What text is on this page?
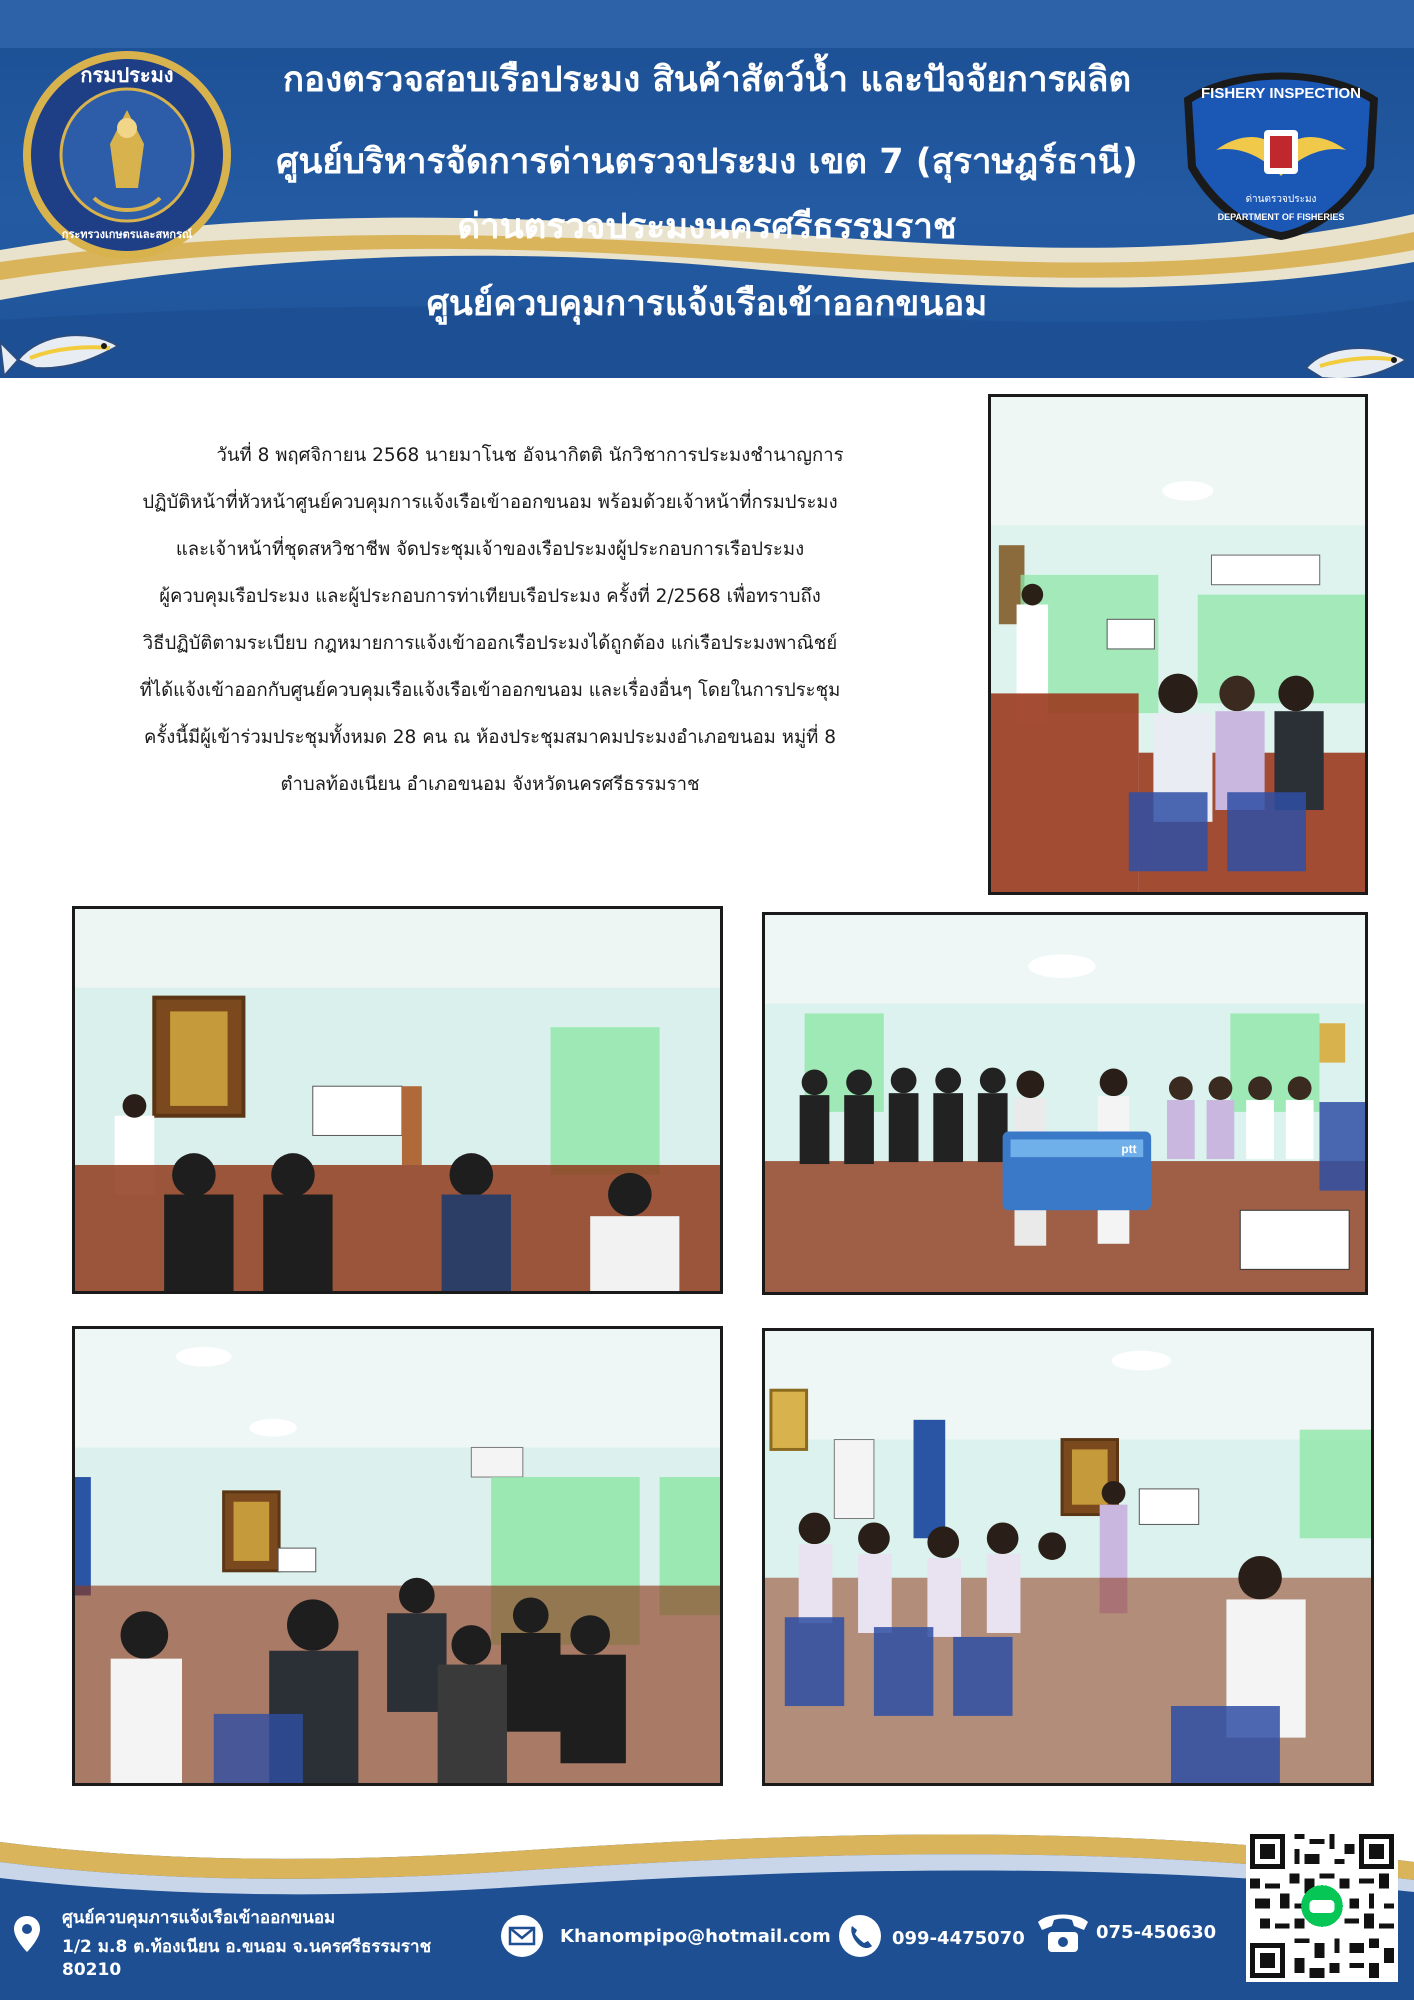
กรมประมง
กระทรวงเกษตรและสหกรณ์
กองตรวจสอบเรือประมง สินค้าสัตว์น้ำ และปัจจัยการผลิต
ศูนย์บริหารจัดการด่านตรวจประมง เขต 7 (สุราษฎร์ธานี)
ด่านตรวจประมงนครศรีธรรมราช
ศูนย์ควบคุมการแจ้งเรือเข้าออกขนอม
FISHERY INSPECTION
ด่านตรวจประมง
DEPARTMENT OF FISHERIES
วันที่ 8 พฤศจิกายน 2568 นายมาโนช อัจนากิตติ นักวิชาการประมงชำนาญการ
ปฏิบัติหน้าที่หัวหน้าศูนย์ควบคุมการแจ้งเรือเข้าออกขนอม พร้อมด้วยเจ้าหน้าที่กรมประมง
และเจ้าหน้าที่ชุดสหวิชาชีพ จัดประชุมเจ้าของเรือประมงผู้ประกอบการเรือประมง
ผู้ควบคุมเรือประมง และผู้ประกอบการท่าเทียบเรือประมง ครั้งที่ 2/2568 เพื่อทราบถึง
วิธีปฏิบัติตามระเบียบ กฎหมายการแจ้งเข้าออกเรือประมงได้ถูกต้อง แก่เรือประมงพาณิชย์
ที่ได้แจ้งเข้าออกกับศูนย์ควบคุมเรือแจ้งเรือเข้าออกขนอม และเรื่องอื่นๆ โดยในการประชุม
ครั้งนี้มีผู้เข้าร่วมประชุมทั้งหมด 28 คน ณ ห้องประชุมสมาคมประมงอำเภอขนอม หมู่ที่ 8
ตำบลท้องเนียน อำเภอขนอม จังหวัดนครศรีธรรมราช
ptt
ศูนย์ควบคุมภารแจ้งเรือเข้าออกขนอม
1/2 ม.8 ต.ท้องเนียน อ.ขนอม จ.นครศรีธรรมราช
80210
Khanompipo@hotmail.com	099-4475070	075-450630
